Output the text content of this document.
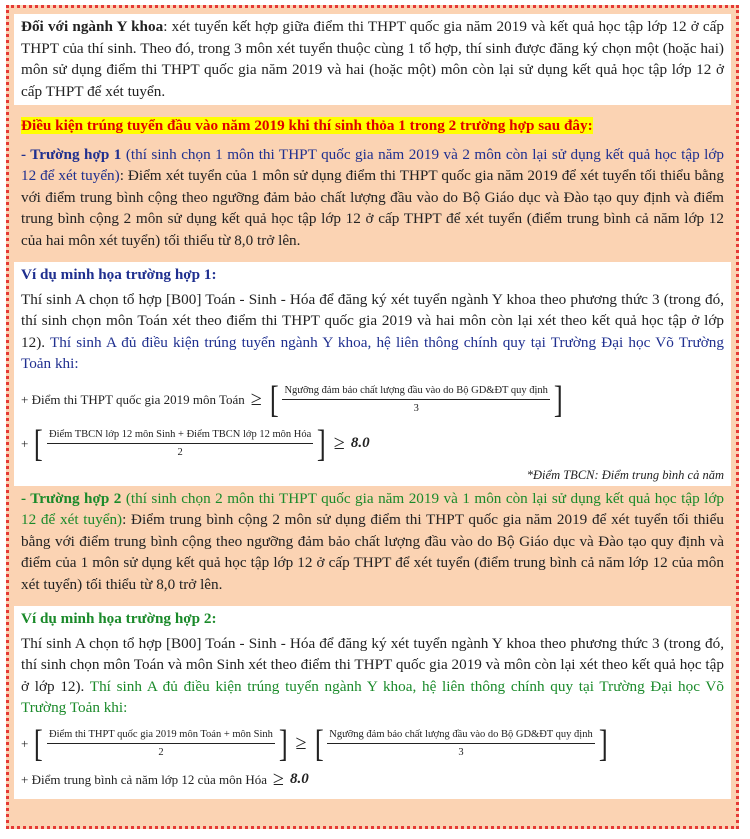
Đối với ngành Y khoa: xét tuyển kết hợp giữa điểm thi THPT quốc gia năm 2019 và kết quả học tập lớp 12 ở cấp THPT của thí sinh. Theo đó, trong 3 môn xét tuyển thuộc cùng 1 tổ hợp, thí sinh được đăng ký chọn một (hoặc hai) môn sử dụng điểm thi THPT quốc gia năm 2019 và hai (hoặc một) môn còn lại sử dụng kết quả học tập lớp 12 ở cấp THPT để xét tuyển.
Điều kiện trúng tuyển đầu vào năm 2019 khi thí sinh thỏa 1 trong 2 trường hợp sau đây:
- Trường hợp 1 (thí sinh chọn 1 môn thi THPT quốc gia năm 2019 và 2 môn còn lại sử dụng kết quả học tập lớp 12 để xét tuyển): Điểm xét tuyển của 1 môn sử dụng điểm thi THPT quốc gia năm 2019 để xét tuyển tối thiểu bằng với điểm trung bình cộng theo ngưỡng đảm bảo chất lượng đầu vào do Bộ Giáo dục và Đào tạo quy định và điểm trung bình cộng 2 môn sử dụng kết quả học tập lớp 12 ở cấp THPT để xét tuyển (điểm trung bình cả năm lớp 12 của hai môn xét tuyển) tối thiểu từ 8,0 trở lên.
Ví dụ minh họa trường hợp 1:
Thí sinh A chọn tổ hợp [B00] Toán - Sinh - Hóa để đăng ký xét tuyển ngành Y khoa theo phương thức 3 (trong đó, thí sinh chọn môn Toán xét theo điểm thi THPT quốc gia 2019 và hai môn còn lại xét theo kết quả học tập ở lớp 12). Thí sinh A đủ điều kiện trúng tuyển ngành Y khoa, hệ liên thông chính quy tại Trường Đại học Võ Trường Toản khi:
+ Điểm thi THPT quốc gia 2019 môn Toán ≥ [ $\frac{\text{Ngưỡng đảm bảo chất lượng đầu vào do Bộ GD\&ĐT quy định}}{3}$ ]
+ [ $\frac{\text{Điểm TBCN lớp 12 môn Sinh + Điểm TBCN lớp 12 môn Hóa}}{2}$ ] ≥ 8.0
*Điểm TBCN: Điểm trung bình cả năm
- Trường hợp 2 (thí sinh chọn 2 môn thi THPT quốc gia năm 2019 và 1 môn còn lại sử dụng kết quả học tập lớp 12 để xét tuyển): Điểm trung bình cộng 2 môn sử dụng điểm thi THPT quốc gia năm 2019 để xét tuyển tối thiểu bằng với điểm trung bình cộng theo ngưỡng đảm bảo chất lượng đầu vào do Bộ Giáo dục và Đào tạo quy định và điểm của 1 môn sử dụng kết quả học tập lớp 12 ở cấp THPT để xét tuyển (điểm trung bình cả năm lớp 12 của môn xét tuyển) tối thiểu từ 8,0 trở lên.
Ví dụ minh họa trường hợp 2:
Thí sinh A chọn tổ hợp [B00] Toán - Sinh - Hóa để đăng ký xét tuyển ngành Y khoa theo phương thức 3 (trong đó, thí sinh chọn môn Toán và môn Sinh xét theo điểm thi THPT quốc gia 2019 và môn còn lại xét theo kết quả học tập ở lớp 12). Thí sinh A đủ điều kiện trúng tuyển ngành Y khoa, hệ liên thông chính quy tại Trường Đại học Võ Trường Toản khi:
+ [ $\frac{\text{Điểm thi THPT quốc gia 2019 môn Toán + môn Sinh}}{2}$ ] ≥ [ $\frac{\text{Ngưỡng đảm bảo chất lượng đầu vào do Bộ GD\&ĐT quy định}}{3}$ ]
+ Điểm trung bình cả năm lớp 12 của môn Hóa ≥ 8.0
